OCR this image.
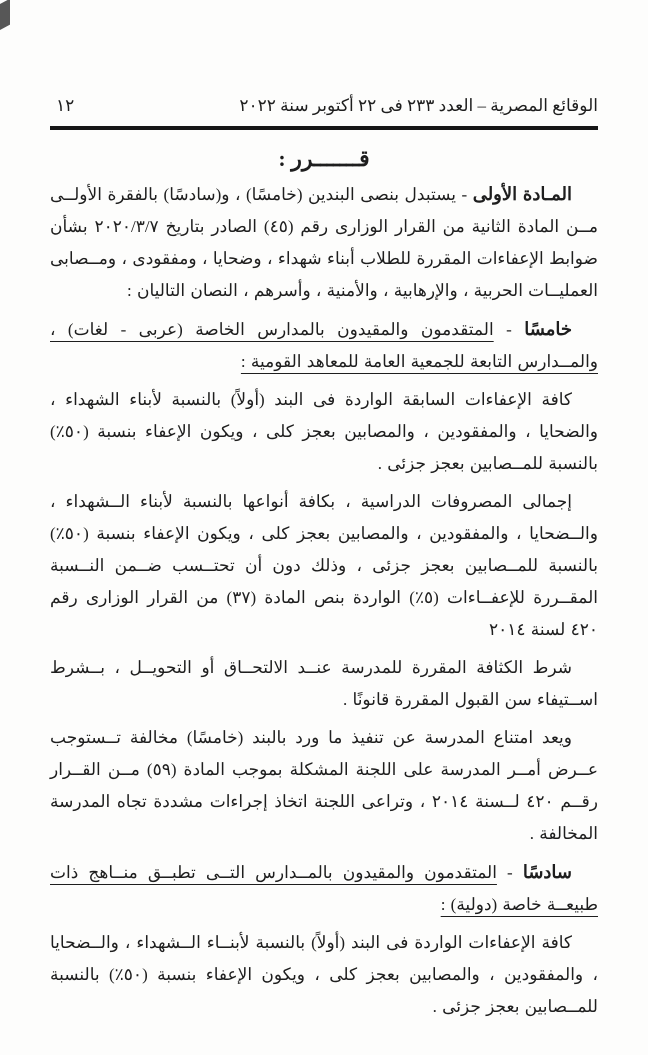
الوقائع المصرية – العدد ٢٣٣ فى ٢٢ أكتوبر سنة ٢٠٢٢
١٢
قـــــــرر :

المـادة الأولى - يستبدل بنصى البندين (خامسًا) ، و(سادسًا) بالفقرة الأولــى مــن المادة الثانية من القرار الوزارى رقم (٤٥) الصادر بتاريخ ٢٠٢٠/٣/٧ بشأن ضوابط الإعفاءات المقررة للطلاب أبناء شهداء ، وضحايا ، ومفقودى ، ومــصابى العمليــات الحربية ، والإرهابية ، والأمنية ، وأسرهم ، النصان التاليان :

خامسًا - المتقدمون والمقيدون بالمدارس الخاصة (عربى - لغات) ، والمــدارس التابعة للجمعية العامة للمعاهد القومية :

كافة الإعفاءات السابقة الواردة فى البند (أولاً) بالنسبة لأبناء الشهداء ، والضحايا ، والمفقودين ، والمصابين بعجز كلى ، ويكون الإعفاء بنسبة (٥٠٪) بالنسبة للمــصابين بعجز جزئى .

إجمالى المصروفات الدراسية ، بكافة أنواعها بالنسبة لأبناء الــشهداء ، والــضحايا ، والمفقودين ، والمصابين بعجز كلى ، ويكون الإعفاء بنسبة (٥٠٪) بالنسبة للمــصابين بعجز جزئى ، وذلك دون أن تحتــسب ضــمن النــسبة المقــررة للإعفــاءات (٥٪) الواردة بنص المادة (٣٧) من القرار الوزارى رقم ٤٢٠ لسنة ٢٠١٤

شرط الكثافة المقررة للمدرسة عنــد الالتحــاق أو التحويــل ، بــشرط اســتيفاء سن القبول المقررة قانونًا .

ويعد امتناع المدرسة عن تنفيذ ما ورد بالبند (خامسًا) مخالفة تــستوجب عــرض أمــر المدرسة على اللجنة المشكلة بموجب المادة (٥٩) مــن القــرار رقــم ٤٢٠ لــسنة ٢٠١٤ ، وتراعى اللجنة اتخاذ إجراءات مشددة تجاه المدرسة المخالفة .

سادسًا - المتقدمون والمقيدون بالمــدارس التــى تطبــق منــاهج ذات طبيعــة خاصة (دولية) :

كافة الإعفاءات الواردة فى البند (أولاً) بالنسبة لأبنــاء الــشهداء ، والــضحايا ، والمفقودين ، والمصابين بعجز كلى ، ويكون الإعفاء بنسبة (٥٠٪) بالنسبة للمــصابين بعجز جزئى .
